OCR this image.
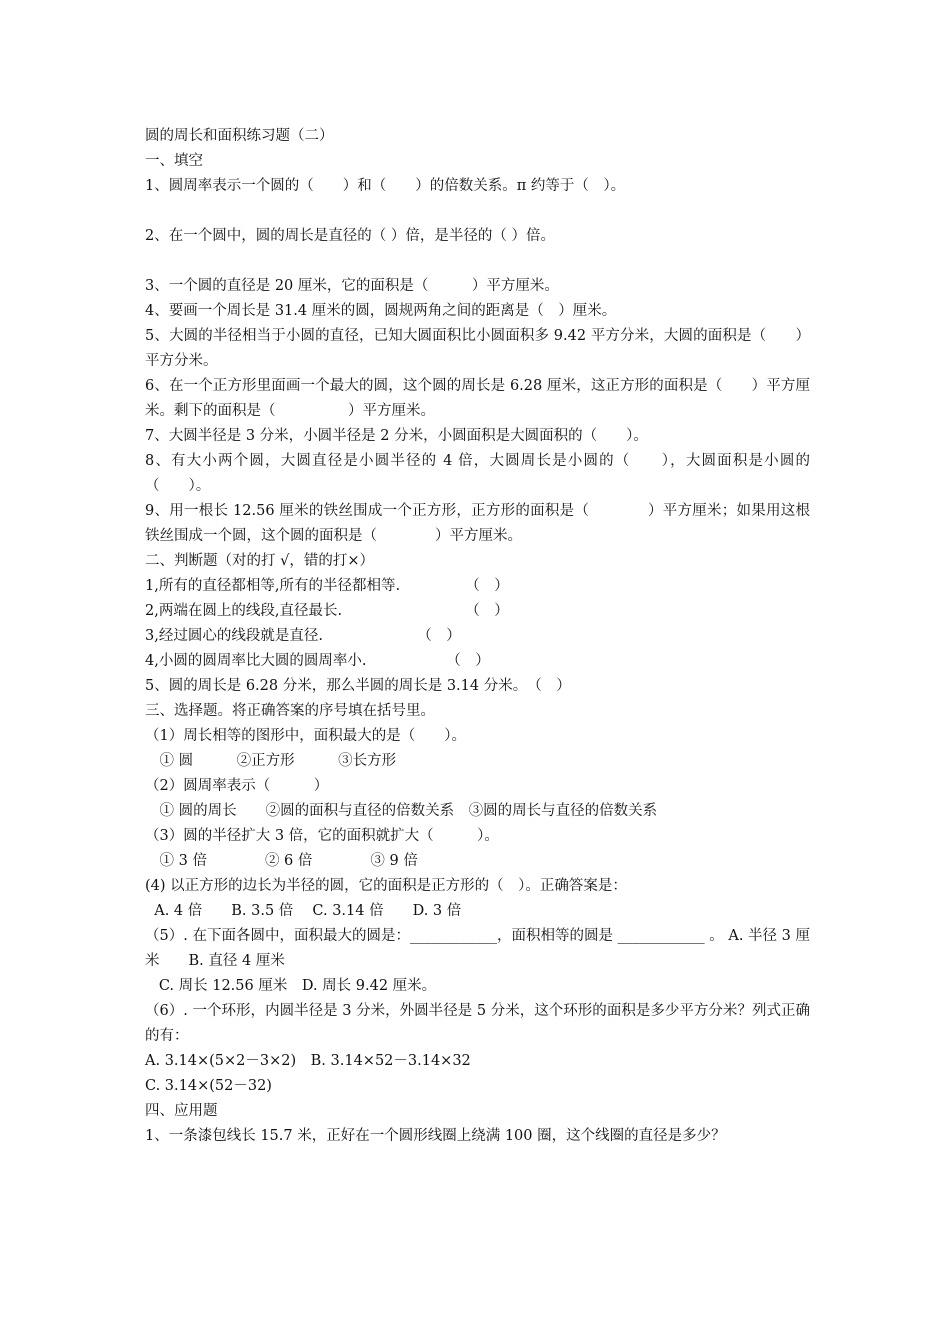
圆的周长和面积练习题（二）
一、填空
1、圆周率表示一个圆的（　　）和（　　）的倍数关系。π 约等于（　）。
2、在一个圆中，圆的周长是直径的（ ）倍，是半径的（ ）倍。
3、一个圆的直径是 20 厘米，它的面积是（　　　）平方厘米。
4、要画一个周长是 31.4 厘米的圆，圆规两角之间的距离是（　）厘米。
5、大圆的半径相当于小圆的直径，已知大圆面积比小圆面积多 9.42 平方分米，大圆的面积是（　　）平方分米。
6、在一个正方形里面画一个最大的圆，这个圆的周长是 6.28 厘米，这正方形的面积是（　　）平方厘米。剩下的面积是（　　　　　）平方厘米。
7、大圆半径是 3 分米，小圆半径是 2 分米，小圆面积是大圆面积的（　　）。
8、有大小两个圆，大圆直径是小圆半径的 4 倍，大圆周长是小圆的（　　），大圆面积是小圆的（　　）。
9、用一根长 12.56 厘米的铁丝围成一个正方形，正方形的面积是（　　　　）平方厘米；如果用这根铁丝围成一个圆，这个圆的面积是（　　　　）平方厘米。
二、判断题（对的打 √，错的打×）
1,所有的直径都相等,所有的半径都相等.　　　　　（　）
2,两端在圆上的线段,直径最长.　　　　　　　　　（　）
3,经过圆心的线段就是直径.　　　　　　　（　）
4,小圆的圆周率比大圆的圆周率小.　　　　　　（　）
5、圆的周长是 6.28 分米，那么半圆的周长是 3.14 分米。　（　）
三、选择题。将正确答案的序号填在括号里。
（1）周长相等的图形中，面积最大的是（　　）。
　① 圆　　　②正方形　　　③长方形
（2）圆周率表示（　　　）
　① 圆的周长　　②圆的面积与直径的倍数关系　③圆的周长与直径的倍数关系
（3）圆的半径扩大 3 倍，它的面积就扩大（　　　）。
　① 3 倍　　　　② 6 倍　　　　③ 9 倍
(4) 以正方形的边长为半径的圆，它的面积是正方形的（　）。正确答案是：
A. 4 倍　　B. 3.5 倍　 C. 3.14 倍　　D. 3 倍
（5）. 在下面各圆中，面积最大的圆是：____________，面积相等的圆是 ____________ 。 A. 半径 3 厘米　　B. 直径 4 厘米
C. 周长 12.56 厘米　D. 周长 9.42 厘米。
（6）. 一个环形，内圆半径是 3 分米，外圆半径是 5 分米，这个环形的面积是多少平方分米？列式正确的有：
A. 3.14×(5×2－3×2)　B. 3.14×52－3.14×32
C. 3.14×(52－32)
四、应用题
1、一条漆包线长 15.7 米，正好在一个圆形线圈上绕满 100 圈，这个线圈的直径是多少？
